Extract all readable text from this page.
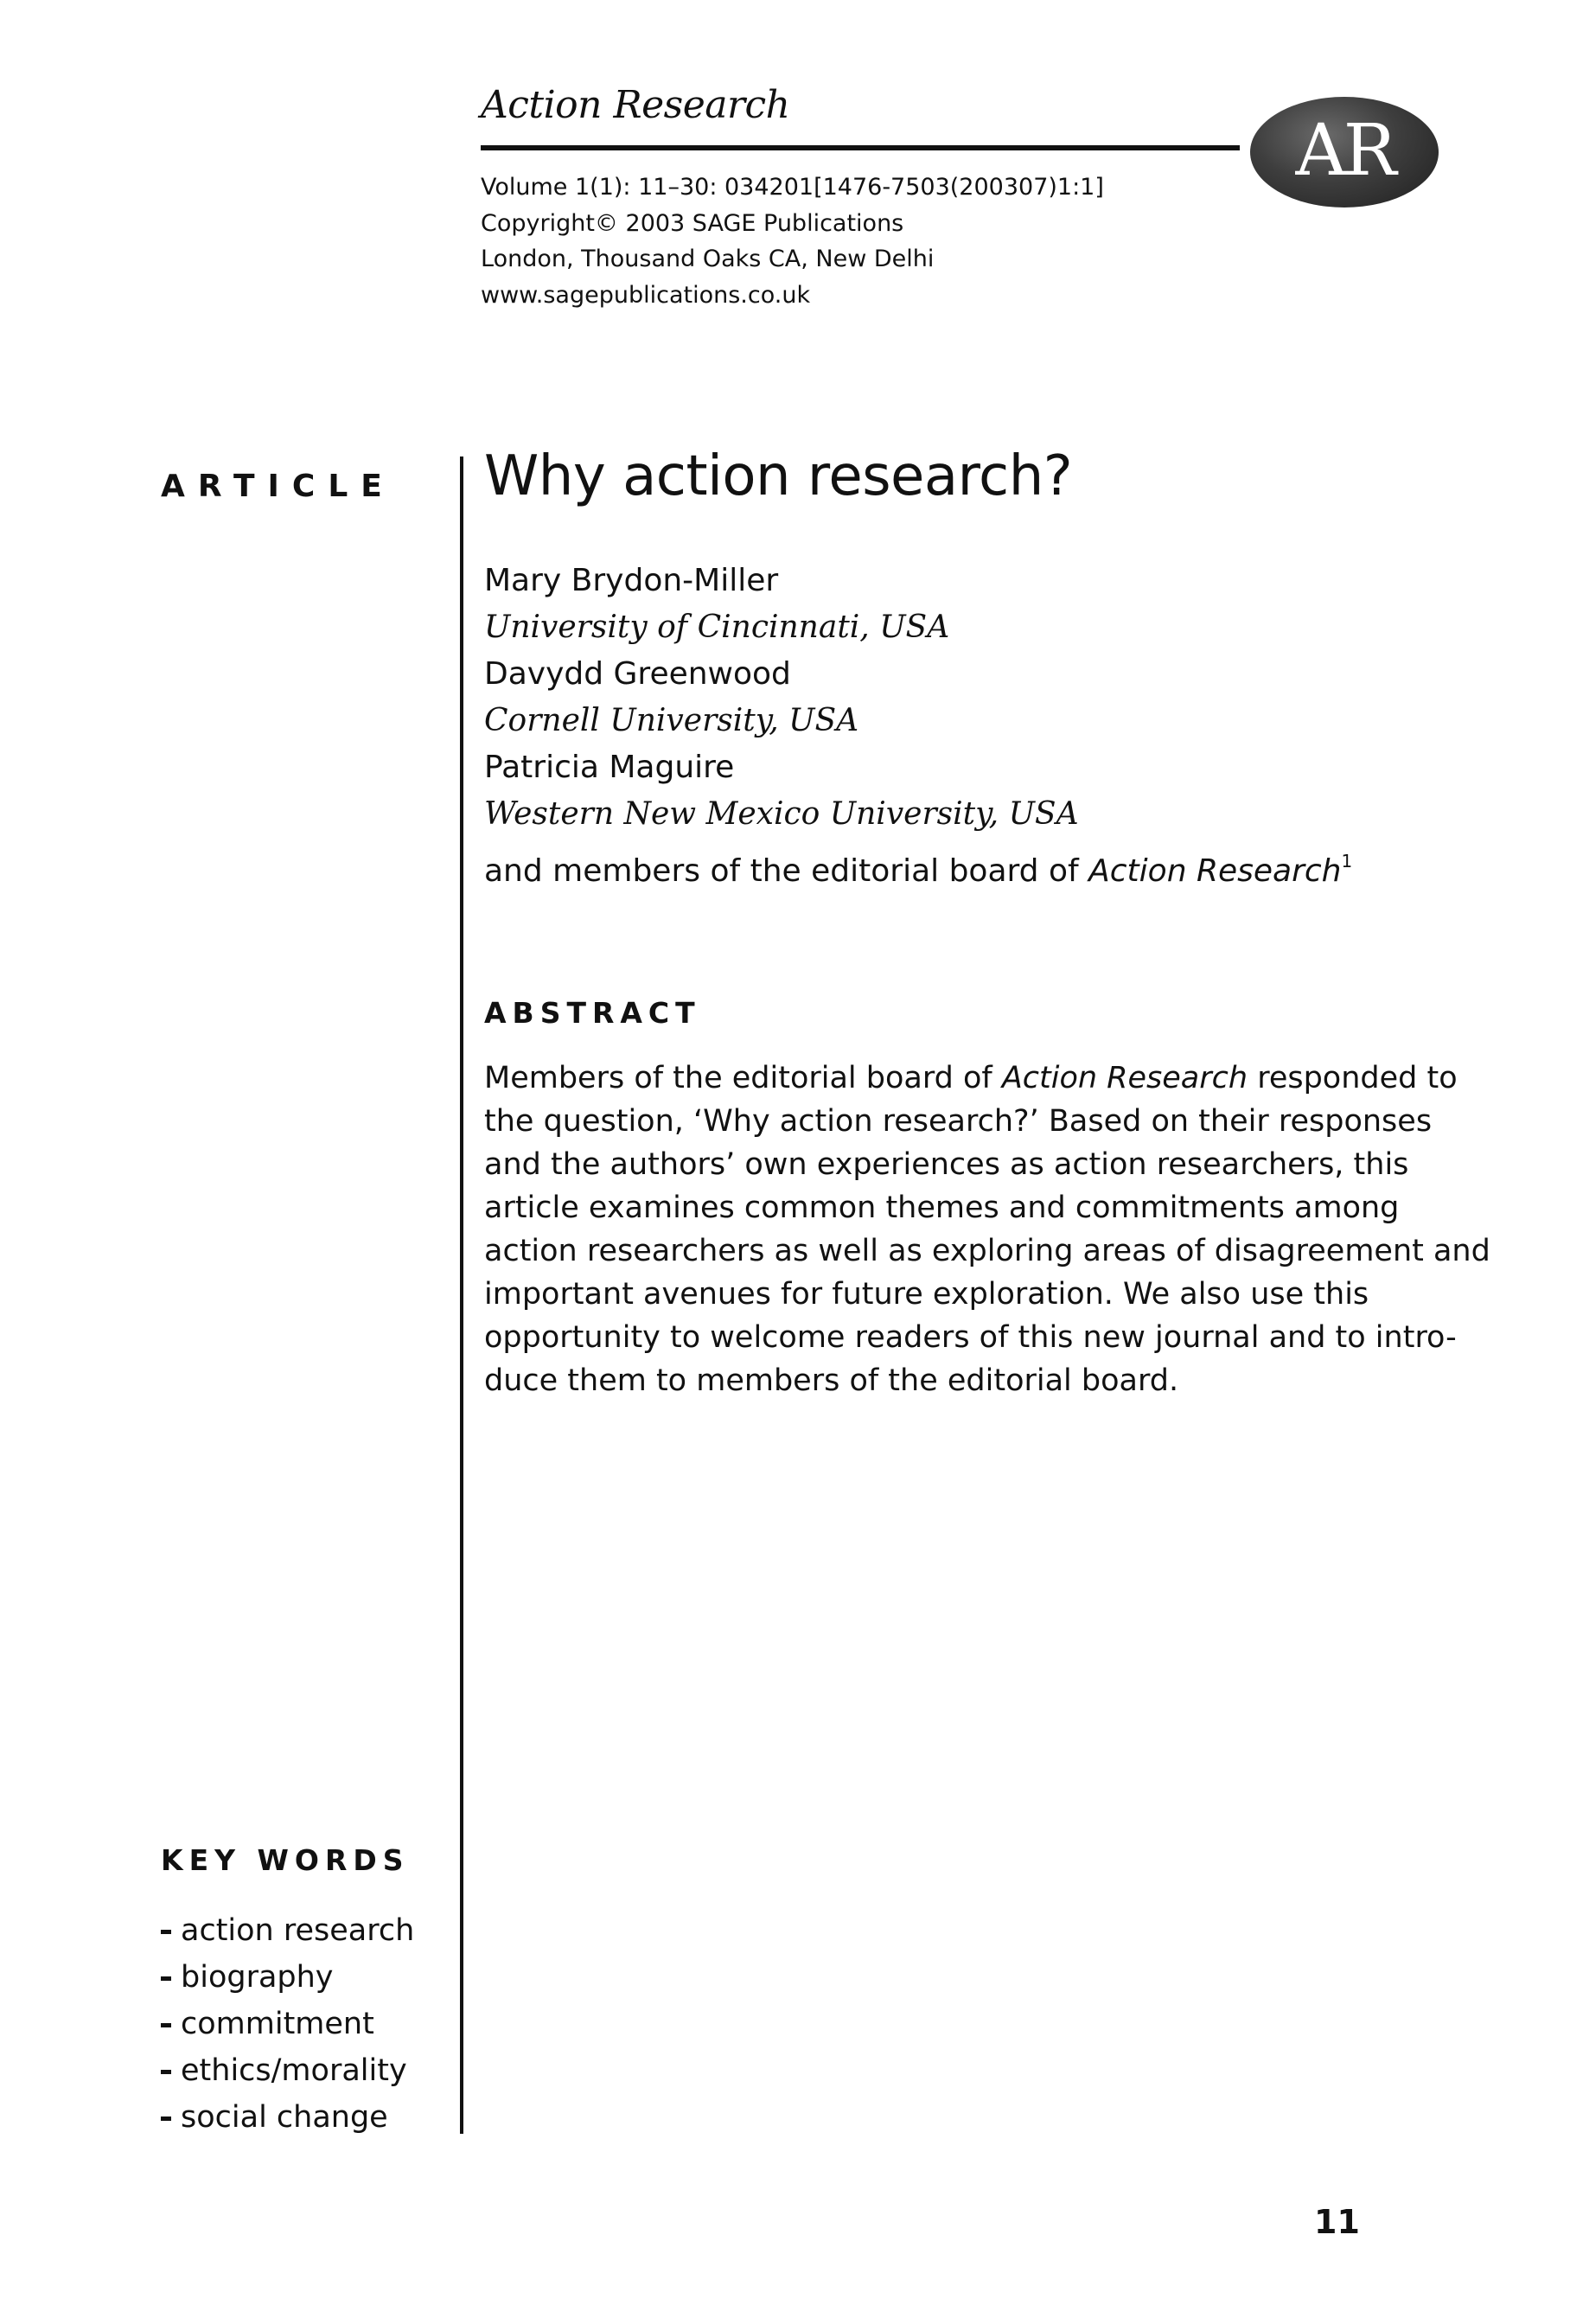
Action Research
AR
Volume 1(1): 11–30: 034201[1476-7503(200307)1:1]
Copyright© 2003 SAGE Publications
London, Thousand Oaks CA, New Delhi
www.sagepublications.co.uk
ARTICLE Why action research?
Mary Brydon-Miller
University of Cincinnati, USA
Davydd Greenwood
Cornell University, USA
Patricia Maguire
Western New Mexico University, USA
and members of the editorial board of Action Research$^1$
ABSTRACT
Members of the editorial board of Action Research responded to
the question, ‘Why action research?’ Based on their responses
and the authors’ own experiences as action researchers, this
article examines common themes and commitments among
action researchers as well as exploring areas of disagreement and
important avenues for future exploration. We also use this
opportunity to welcome readers of this new journal and to intro-
duce them to members of the editorial board.
KEY WORDS
action research
biography
commitment
ethics/morality
social change
11
